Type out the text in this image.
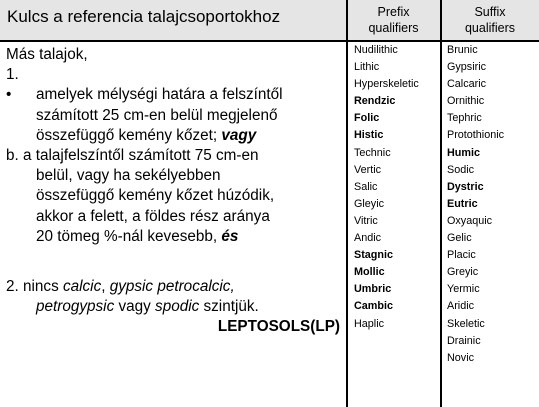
Kulcs a referencia talajcsoportokhoz	Prefix
qualifiers
Suffix
qualifiers
Más talajok,
1.
• amelyek mélységi határa a felszíntől
számított 25 cm-en belül megjelenő
összefüggő kemény kőzet; vagy
b. a talajfelszíntől számított 75 cm-en
belül, vagy ha sekélyebben
összefüggő kemény kőzet húzódik,
akkor a felett, a földes rész aránya
20 tömeg %-nál kevesebb, és
2. nincs calcic, gypsic petrocalcic,
petrogypsic vagy spodic szintjük.
LEPTOSOLS(LP)
Nudilithic
Lithic
Hyperskeletic
Rendzic
Folic
Histic
Technic
Vertic
Salic
Gleyic
Vitric
Andic
Stagnic
Mollic
Umbric
Cambic
Haplic
Brunic
Gypsiric
Calcaric
Ornithic
Tephric
Protothionic
Humic
Sodic
Dystric
Eutric
Oxyaquic
Gelic
Placic
Greyic
Yermic
Aridic
Skeletic
Drainic
Novic
